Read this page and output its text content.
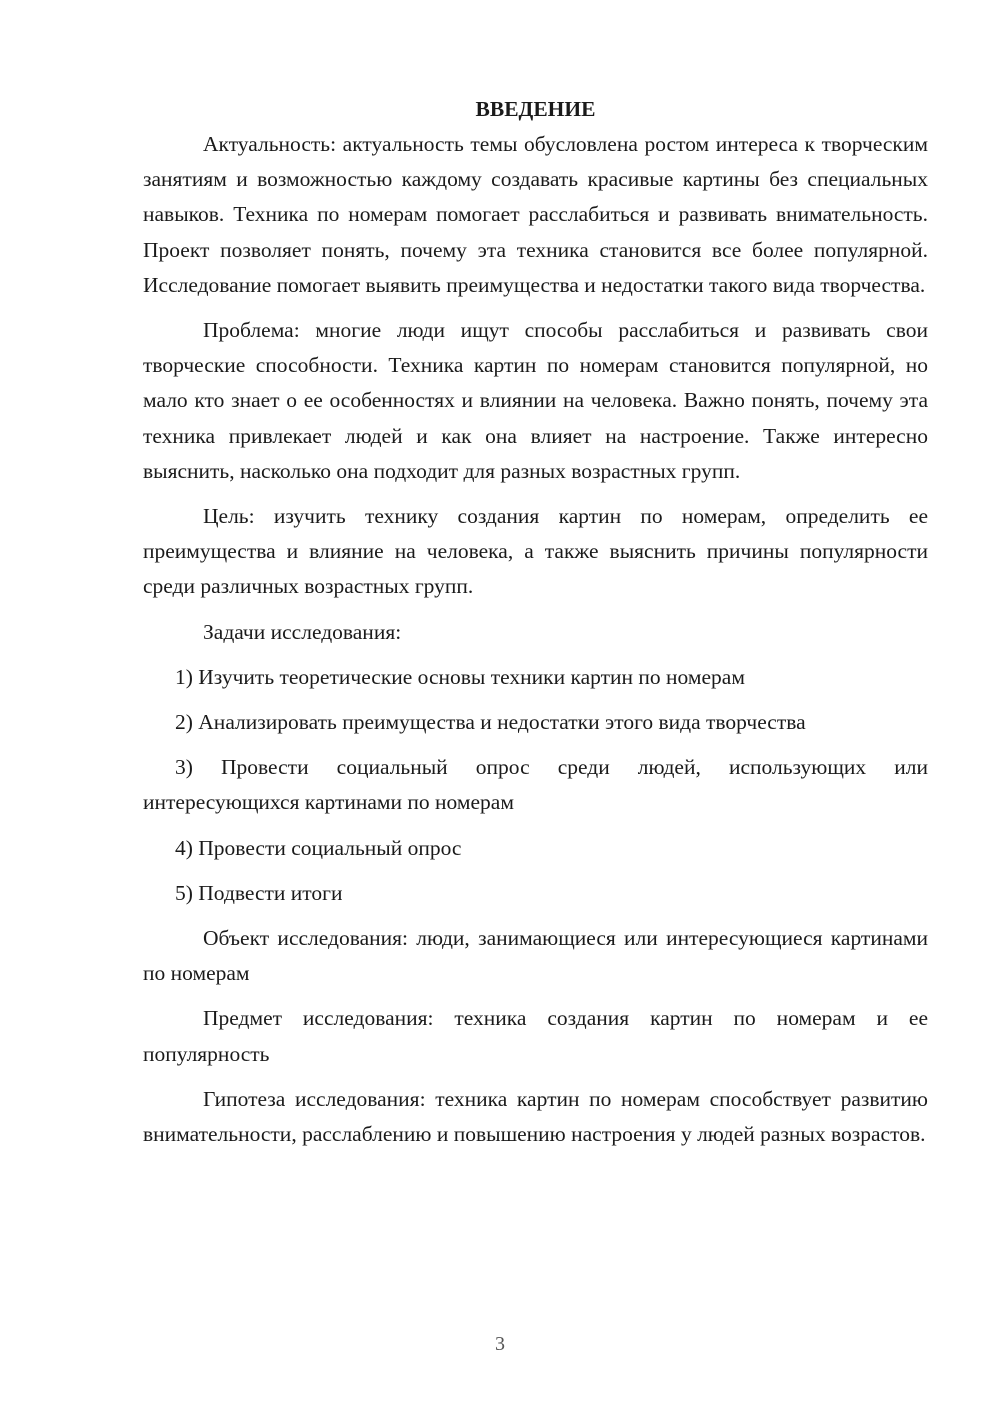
ВВЕДЕНИЕ

Актуальность: актуальность темы обусловлена ростом интереса к творческим занятиям и возможностью каждому создавать красивые картины без специальных навыков. Техника по номерам помогает расслабиться и развивать внимательность. Проект позволяет понять, почему эта техника становится все более популярной. Исследование помогает выявить преимущества и недостатки такого вида творчества.

Проблема: многие люди ищут способы расслабиться и развивать свои творческие способности. Техника картин по номерам становится популярной, но мало кто знает о ее особенностях и влиянии на человека. Важно понять, почему эта техника привлекает людей и как она влияет на настроение. Также интересно выяснить, насколько она подходит для разных возрастных групп.

Цель: изучить технику создания картин по номерам, определить ее преимущества и влияние на человека, а также выяснить причины популярности среди различных возрастных групп.

Задачи исследования:

1) Изучить теоретические основы техники картин по номерам

2) Анализировать преимущества и недостатки этого вида творчества

3) Провести социальный опрос среди людей, использующих или интересующихся картинами по номерам

4) Провести социальный опрос

5) Подвести итоги

Объект исследования: люди, занимающиеся или интересующиеся картинами по номерам

Предмет исследования: техника создания картин по номерам и ее популярность

Гипотеза исследования: техника картин по номерам способствует развитию внимательности, расслаблению и повышению настроения у людей разных возрастов.

3
